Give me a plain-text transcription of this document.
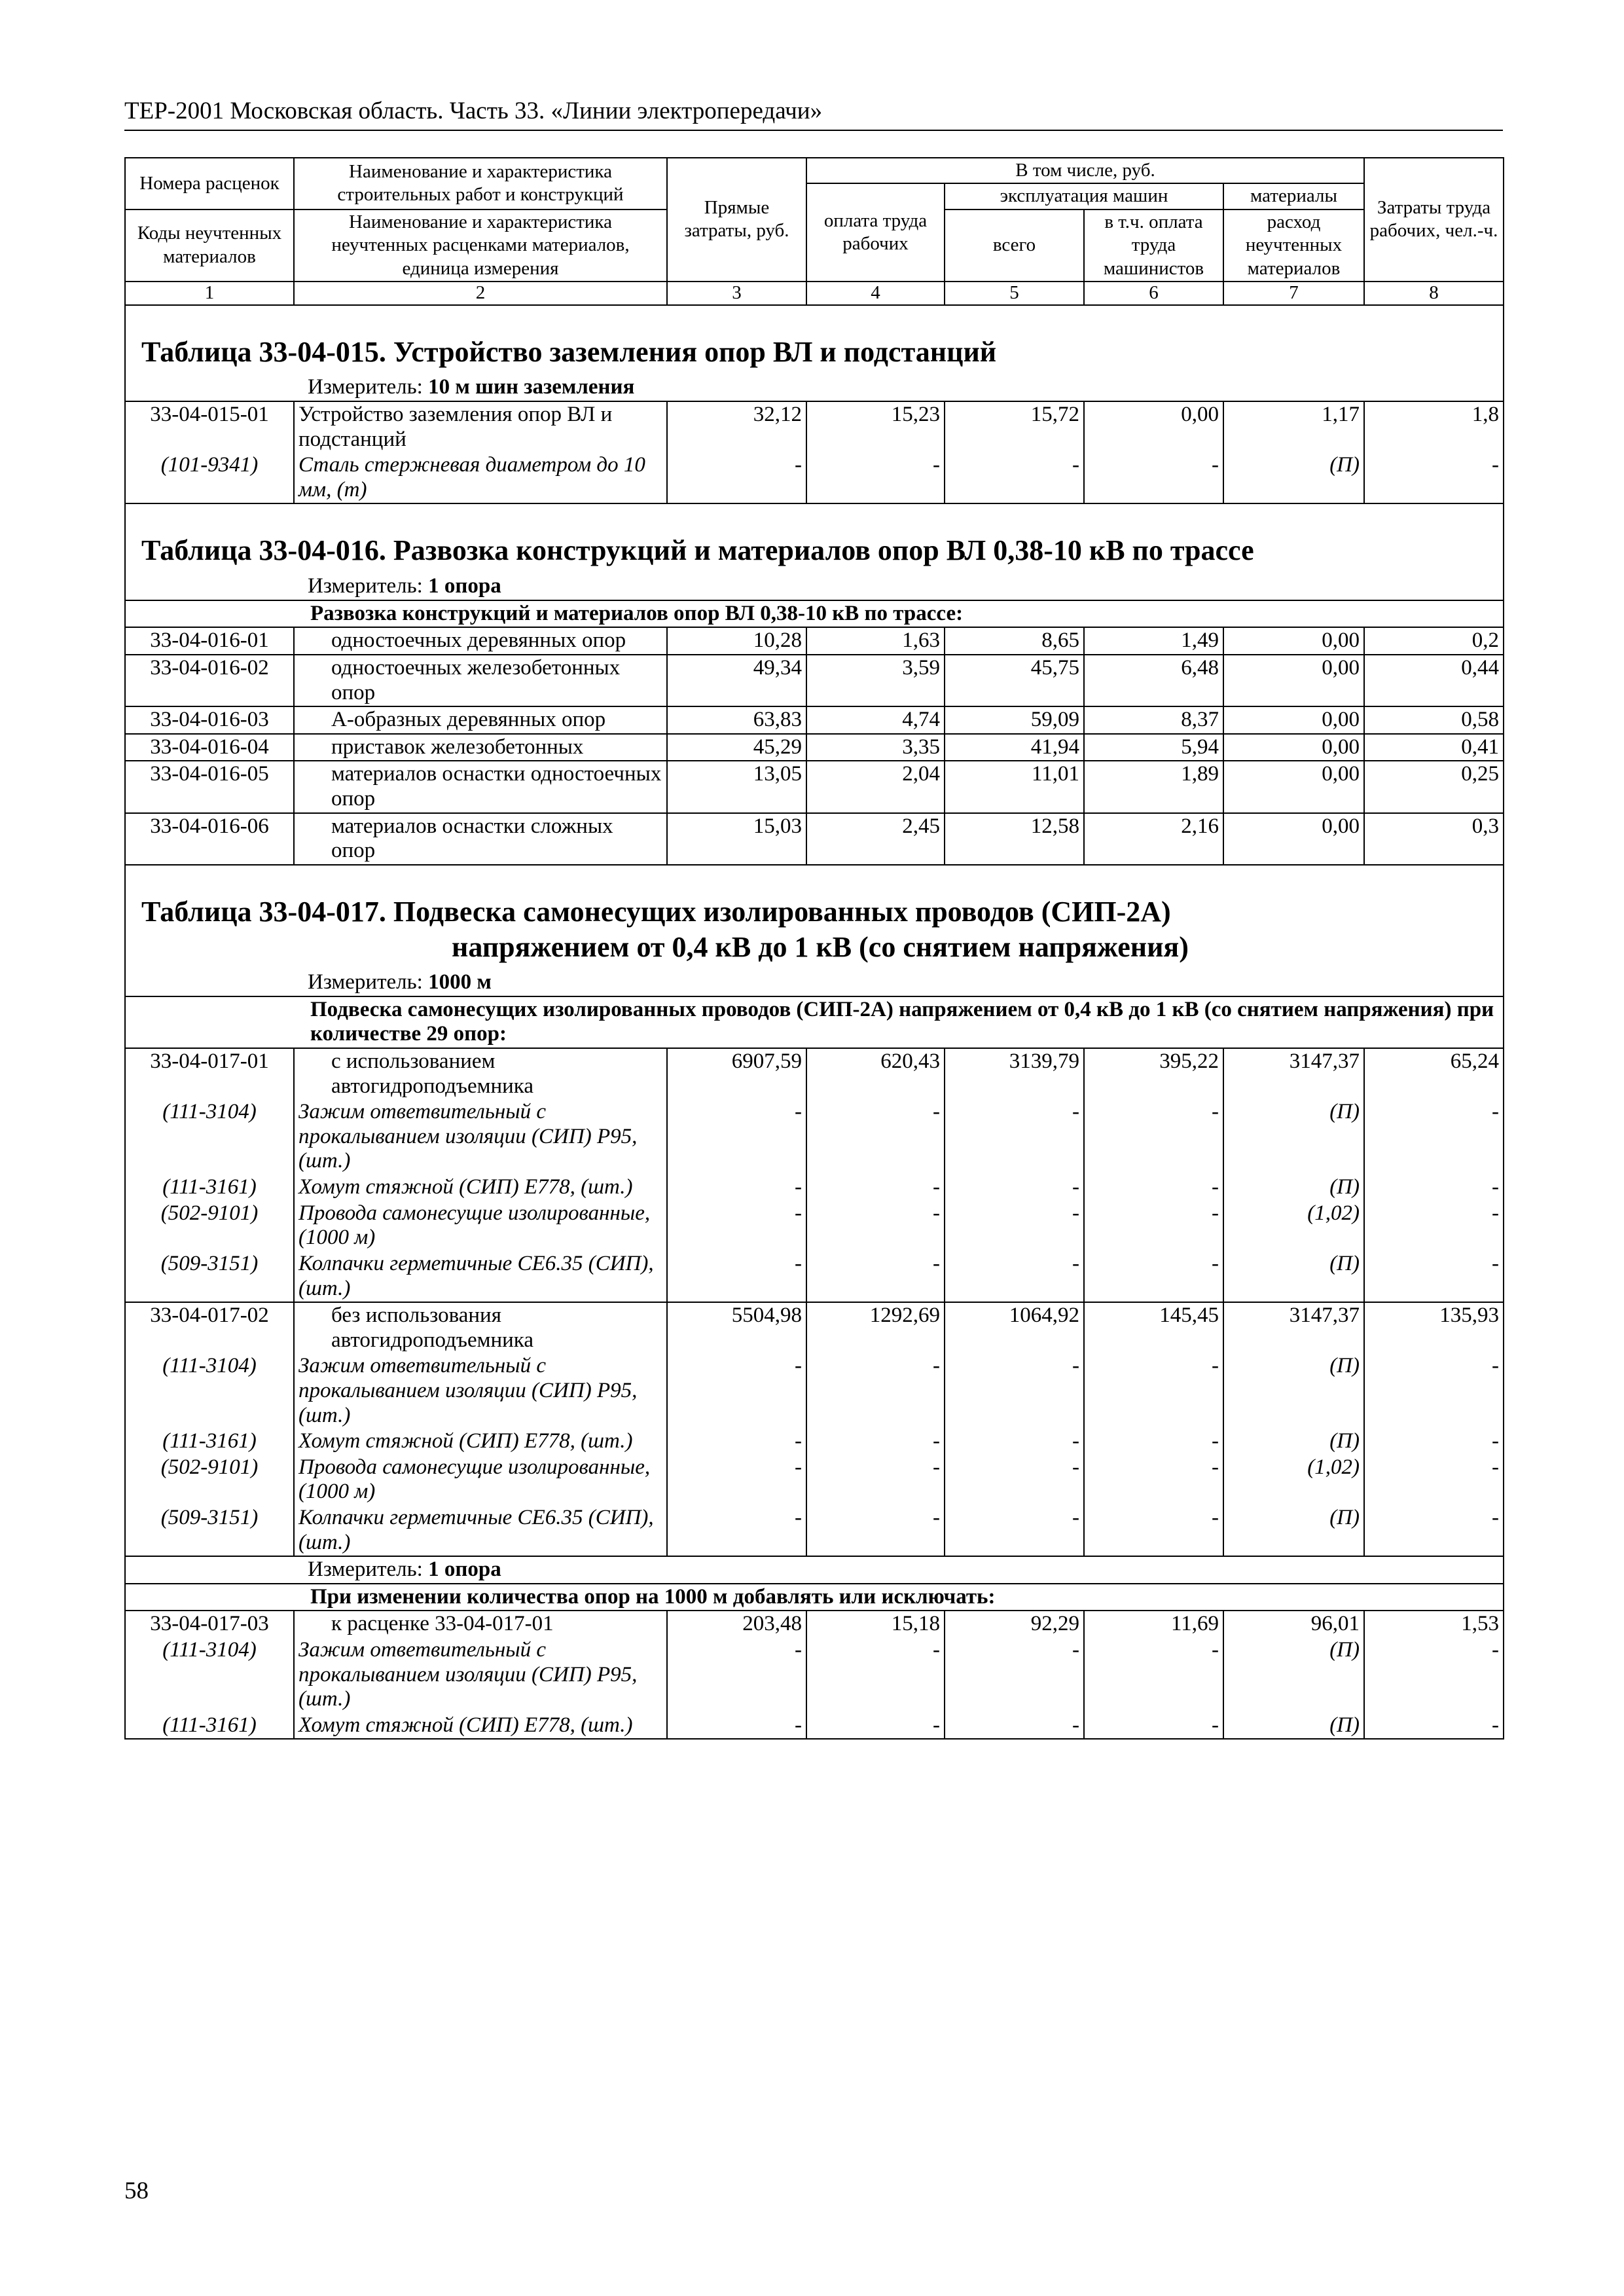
ТЕР-2001 Московская область. Часть 33. «Линии электропередачи»
Номера расценок	Наименование и характеристика строительных работ и конструкций	Прямые затраты, руб.	В том числе, руб.				Затраты труда рабочих, чел.-ч.
			оплата труда рабочих	эксплуатация машин		материалы	
Коды неучтенных материалов	Наименование и характеристика неучтенных расценками материалов, единица измерения			всего	в т.ч. оплата труда машинистов	расход неучтенных материалов	

1	2	3	4	5	6	7	8
Таблица 33-04-015. Устройство заземления опор ВЛ и подстанций							
Измеритель: 10 м шин заземления							
33-04-015-01	Устройство заземления опор ВЛ и подстанций	32,12	15,23	15,72	0,00	1,17	1,8
(101-9341)	Сталь стержневая диаметром до 10 мм, (т)	-	-	-	-	(П)	-
Таблица 33-04-016. Развозка конструкций и материалов опор ВЛ 0,38-10 кВ по трассе							
Измеритель: 1 опора							
Развозка конструкций и материалов опор ВЛ 0,38-10 кВ по трассе:							
33-04-016-01	одностоечных деревянных опор	10,28	1,63	8,65	1,49	0,00	0,2
33-04-016-02	одностоечных железобетонных опор	49,34	3,59	45,75	6,48	0,00	0,44
33-04-016-03	А-образных деревянных опор	63,83	4,74	59,09	8,37	0,00	0,58
33-04-016-04	приставок железобетонных	45,29	3,35	41,94	5,94	0,00	0,41
33-04-016-05	материалов оснастки одностоечных опор	13,05	2,04	11,01	1,89	0,00	0,25
33-04-016-06	материалов оснастки сложных опор	15,03	2,45	12,58	2,16	0,00	0,3
Таблица 33-04-017. Подвеска самонесущих изолированных проводов (СИП-2А)
напряжением от 0,4 кВ до 1 кВ (со снятием напряжения)							

Измеритель: 1000 м							
Подвеска самонесущих изолированных проводов (СИП-2А) напряжением от 0,4 кВ до 1 кВ (со снятием напряжения) при количестве 29 опор:							
33-04-017-01	с использованием автогидроподъемника	6907,59	620,43	3139,79	395,22	3147,37	65,24
(111-3104)	Зажим ответвительный с прокалыванием изоляции (СИП) Р95, (шт.)	-	-	-	-	(П)	-
(111-3161)	Хомут стяжной (СИП) Е778, (шт.)	-	-	-	-	(П)	-
(502-9101)	Провода самонесущие изолированные, (1000 м)	-	-	-	-	(1,02)	-
(509-3151)	Колпачки герметичные СЕ6.35 (СИП), (шт.)	-	-	-	-	(П)	-
33-04-017-02	без использования автогидроподъемника	5504,98	1292,69	1064,92	145,45	3147,37	135,93
(111-3104)	Зажим ответвительный с прокалыванием изоляции (СИП) Р95, (шт.)	-	-	-	-	(П)	-
(111-3161)	Хомут стяжной (СИП) Е778, (шт.)	-	-	-	-	(П)	-
(502-9101)	Провода самонесущие изолированные, (1000 м)	-	-	-	-	(1,02)	-
(509-3151)	Колпачки герметичные СЕ6.35 (СИП), (шт.)	-	-	-	-	(П)	-
Измеритель: 1 опора							
При изменении количества опор на 1000 м добавлять или исключать:							
33-04-017-03	к расценке 33-04-017-01	203,48	15,18	92,29	11,69	96,01	1,53
(111-3104)	Зажим ответвительный с прокалыванием изоляции (СИП) Р95, (шт.)	-	-	-	-	(П)	-
(111-3161)	Хомут стяжной (СИП) Е778, (шт.)	-	-	-	-	(П)	-
58
